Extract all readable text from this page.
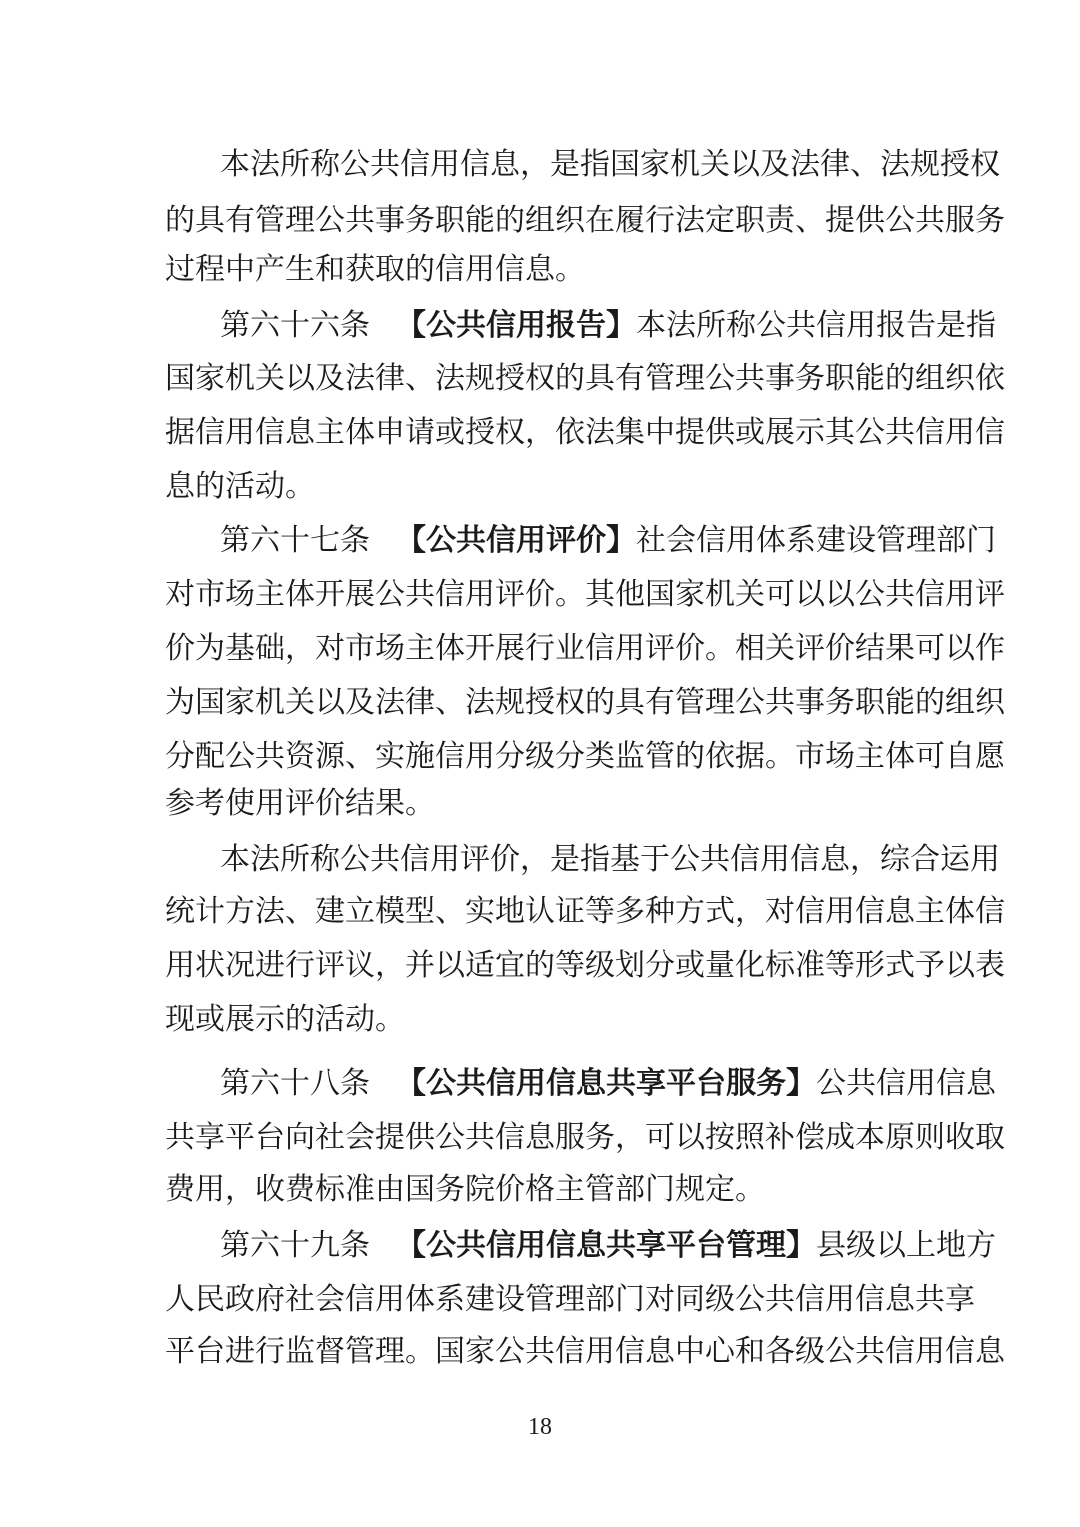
本法所称公共信用信息，是指国家机关以及法律、法规授权
的具有管理公共事务职能的组织在履行法定职责、提供公共服务
过程中产生和获取的信用信息。
第六十六条 【公共信用报告】本法所称公共信用报告是指
国家机关以及法律、法规授权的具有管理公共事务职能的组织依
据信用信息主体申请或授权，依法集中提供或展示其公共信用信
息的活动。
第六十七条 【公共信用评价】社会信用体系建设管理部门
对市场主体开展公共信用评价。其他国家机关可以以公共信用评
价为基础，对市场主体开展行业信用评价。相关评价结果可以作
为国家机关以及法律、法规授权的具有管理公共事务职能的组织
分配公共资源、实施信用分级分类监管的依据。市场主体可自愿
参考使用评价结果。
本法所称公共信用评价，是指基于公共信用信息，综合运用
统计方法、建立模型、实地认证等多种方式，对信用信息主体信
用状况进行评议，并以适宜的等级划分或量化标准等形式予以表
现或展示的活动。
第六十八条 【公共信用信息共享平台服务】公共信用信息
共享平台向社会提供公共信息服务，可以按照补偿成本原则收取
费用，收费标准由国务院价格主管部门规定。
第六十九条 【公共信用信息共享平台管理】县级以上地方
人民政府社会信用体系建设管理部门对同级公共信用信息共享
平台进行监督管理。国家公共信用信息中心和各级公共信用信息
18
